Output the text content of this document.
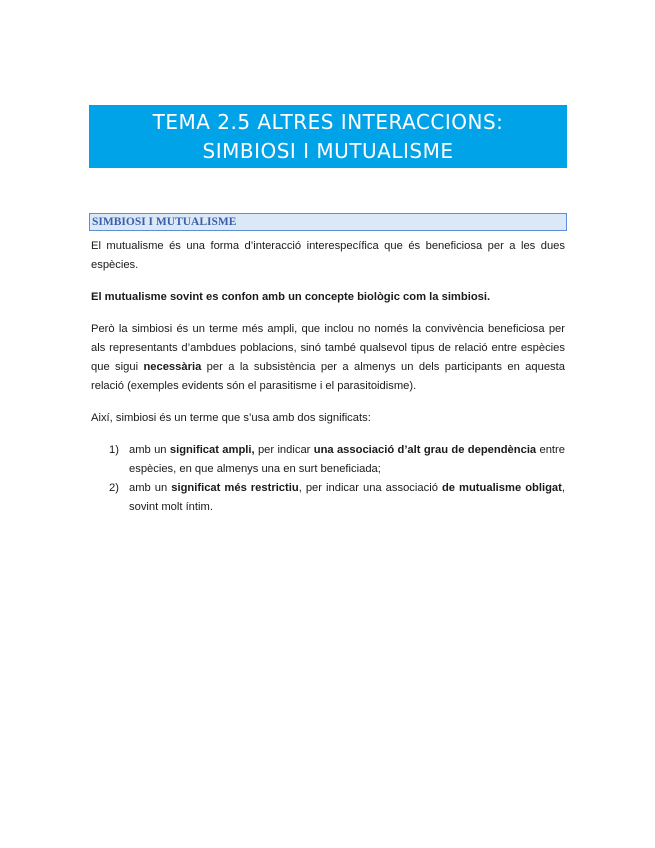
TEMA 2.5 ALTRES INTERACCIONS:
SIMBIOSI I MUTUALISME
SIMBIOSI I MUTUALISME

El mutualisme és una forma d’interacció interespecífica que és beneficiosa per a les dues espècies.

El mutualisme sovint es confon amb un concepte biològic com la simbiosi.

Però la simbiosi és un terme més ampli, que inclou no només la convivència beneficiosa per als representants d’ambdues poblacions, sinó també qualsevol tipus de relació entre espècies que sigui necessària per a la subsistència per a almenys un dels participants en aquesta relació (exemples evidents són el parasitisme i el parasitoidisme).

Així, simbiosi és un terme que s’usa amb dos significats:

1) amb un significat ampli, per indicar una associació d’alt grau de dependència entre espècies, en que almenys una en surt beneficiada;
2) amb un significat més restrictiu, per indicar una associació de mutualisme obligat, sovint molt íntim.
